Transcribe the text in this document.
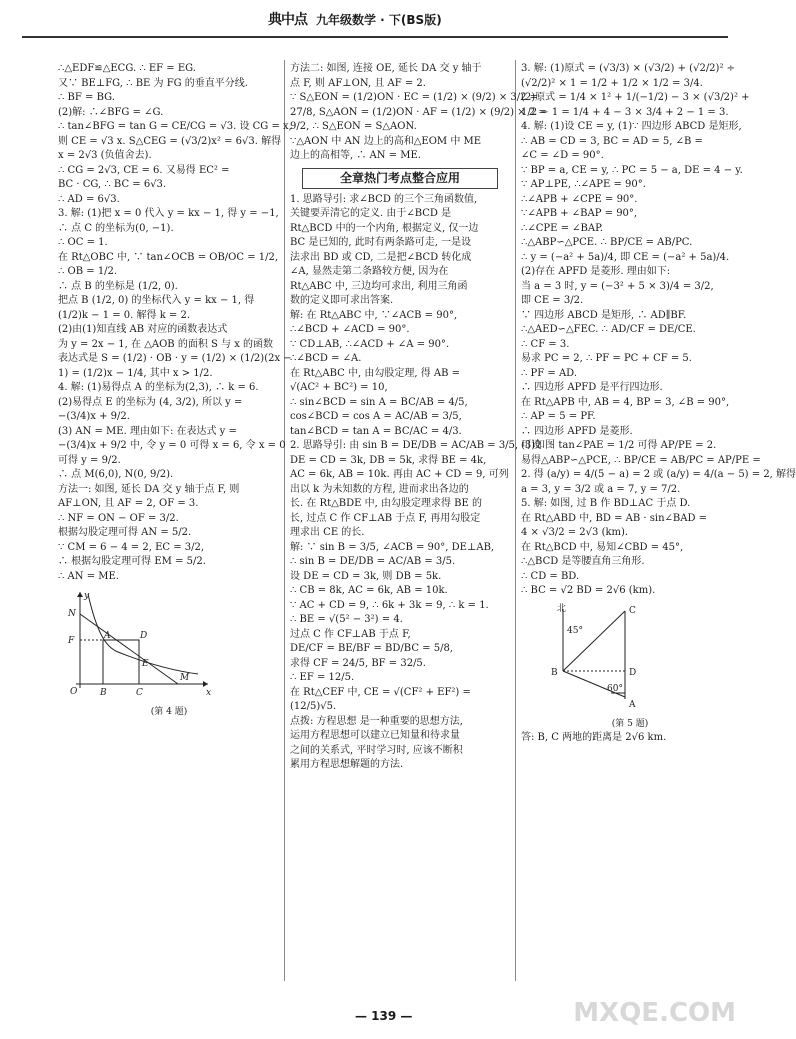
典中点 九年级数学 · 下(BS版)
∴△EDF≌△ECG. ∴ EF = EG.
又∵ BE⊥FG, ∴ BE 为 FG 的垂直平分线.
∴ BF = BG.
(2)解: ∴∠BFG = ∠G.
∴ tan∠BFG = tan G = CE/CG = √3. 设 CG = x,
则 CE = √3 x. S△CEG = (√3/2)x² = 6√3. 解得
x = 2√3 (负值舍去).
∴ CG = 2√3, CE = 6. 又易得 EC² =
BC · CG, ∴ BC = 6√3.
∴ AD = 6√3.
3. 解: (1)把 x = 0 代入 y = kx − 1, 得 y = −1,
∴ 点 C 的坐标为(0, −1).
∴ OC = 1.
在 Rt△OBC 中, ∵ tan∠OCB = OB/OC = 1/2,
∴ OB = 1/2.
∴ 点 B 的坐标是 (1/2, 0).
把点 B (1/2, 0) 的坐标代入 y = kx − 1, 得
(1/2)k − 1 = 0. 解得 k = 2.
(2)由(1)知直线 AB 对应的函数表达式
为 y = 2x − 1, 在 △AOB 的面积 S 与 x 的函数
表达式是 S = (1/2) · OB · y = (1/2) × (1/2)(2x −
1) = (1/2)x − 1/4, 其中 x > 1/2.
4. 解: (1)易得点 A 的坐标为(2,3), ∴ k = 6.
(2)易得点 E 的坐标为 (4, 3/2), 所以 y =
−(3/4)x + 9/2.
(3) AN = ME. 理由如下: 在表达式 y =
−(3/4)x + 9/2 中, 令 y = 0 可得 x = 6, 令 x = 0
可得 y = 9/2.
∴ 点 M(6,0), N(0, 9/2).
方法一: 如图, 延长 DA 交 y 轴于点 F, 则
AF⊥ON, 且 AF = 2, OF = 3.
∴ NF = ON − OF = 3/2.
根据勾股定理可得 AN = 5/2.
∵ CM = 6 − 4 = 2, EC = 3/2,
∴ 根据勾股定理可得 EM = 5/2.
∴ AN = ME.
y
N
F	A	D
E
O	B	C
M
x
(第 4 题)
方法二: 如图, 连接 OE, 延长 DA 交 y 轴于
点 F, 则 AF⊥ON, 且 AF = 2.
∵ S△EON = (1/2)ON · EC = (1/2) × (9/2) × 3/2 =
27/8, S△AON = (1/2)ON · AF = (1/2) × (9/2) × 2 =
9/2, ∴ S△EON = S△AON.
∵△AON 中 AN 边上的高和△EOM 中 ME
边上的高相等, ∴ AN = ME.
全章热门考点整合应用
1. 思路导引: 求∠BCD 的三个三角函数值,
关键要弄清它的定义. 由于∠BCD 是
Rt△BCD 中的一个内角, 根据定义, 仅一边
BC 是已知的, 此时有两条路可走, 一是设
法求出 BD 或 CD, 二是把∠BCD 转化成
∠A, 显然走第二条路较方便, 因为在
Rt△ABC 中, 三边均可求出, 利用三角函
数的定义即可求出答案.
解: 在 Rt△ABC 中, ∵∠ACB = 90°,
∴∠BCD + ∠ACD = 90°.
∵ CD⊥AB, ∴∠ACD + ∠A = 90°.
∴∠BCD = ∠A.
在 Rt△ABC 中, 由勾股定理, 得 AB =
√(AC² + BC²) = 10,
∴ sin∠BCD = sin A = BC/AB = 4/5,
cos∠BCD = cos A = AC/AB = 3/5,
tan∠BCD = tan A = BC/AC = 4/3.
2. 思路导引: 由 sin B = DE/DB = AC/AB = 3/5, 可设
DE = CD = 3k, DB = 5k, 求得 BE = 4k,
AC = 6k, AB = 10k. 再由 AC + CD = 9, 可列
出以 k 为未知数的方程, 进而求出各边的
长. 在 Rt△BDE 中, 由勾股定理求得 BE 的
长, 过点 C 作 CF⊥AB 于点 F, 再用勾股定
理求出 CE 的长.
解: ∵ sin B = 3/5, ∠ACB = 90°, DE⊥AB,
∴ sin B = DE/DB = AC/AB = 3/5.
设 DE = CD = 3k, 则 DB = 5k.
∴ CB = 8k, AC = 6k, AB = 10k.
∵ AC + CD = 9, ∴ 6k + 3k = 9, ∴ k = 1.
∴ BE = √(5² − 3²) = 4.
过点 C 作 CF⊥AB 于点 F,
DE/CF = BE/BF = BD/BC = 5/8,
求得 CF = 24/5, BF = 32/5.
∴ EF = 12/5.
在 Rt△CEF 中, CE = √(CF² + EF²) =
(12/5)√5.
点拨: 方程思想 是一种重要的思想方法,
运用方程思想可以建立已知量和待求量
之间的关系式, 平时学习时, 应该不断积
累用方程思想解题的方法.
3. 解: (1)原式 = (√3/3) × (√3/2) + (√2/2)² ÷
(√2/2)² × 1 = 1/2 + 1/2 × 1/2 = 3/4.
(2)原式 = 1/4 × 1² + 1/(−1/2) − 3 × (√3/2)² +
1/2 − 1 = 1/4 + 4 − 3 × 3/4 + 2 − 1 = 3.
4. 解: (1)设 CE = y, (1)∵ 四边形 ABCD 是矩形,
∴ AB = CD = 3, BC = AD = 5, ∠B =
∠C = ∠D = 90°.
∵ BP = a, CE = y, ∴ PC = 5 − a, DE = 4 − y.
∵ AP⊥PE, ∴∠APE = 90°.
∴∠APB + ∠CPE = 90°.
∵∠APB + ∠BAP = 90°,
∴∠CPE = ∠BAP.
∴△ABP∽△PCE. ∴ BP/CE = AB/PC.
∴ y = (−a² + 5a)/4, 即 CE = (−a² + 5a)/4.
(2)存在 APFD 是菱形. 理由如下:
当 a = 3 时, y = (−3² + 5 × 3)/4 = 3/2,
即 CE = 3/2.
∵ 四边形 ABCD 是矩形, ∴ AD∥BF.
∴△AED∽△FEC. ∴ AD/CF = DE/CE.
∴ CF = 3.
易求 PC = 2, ∴ PF = PC + CF = 5.
∴ PF = AD.
∴ 四边形 APFD 是平行四边形.
在 Rt△APB 中, AB = 4, BP = 3, ∠B = 90°,
∴ AP = 5 = PF.
∴ 四边形 APFD 是菱形.
(3)如图 tan∠PAE = 1/2 可得 AP/PE = 2.
易得△ABP∽△PCE, ∴ BP/CE = AB/PC = AP/PE =
2. 得 (a/y) = 4/(5 − a) = 2 或 (a/y) = 4/(a − 5) = 2, 解得
a = 3, y = 3/2 或 a = 7, y = 7/2.
5. 解: 如图, 过 B 作 BD⊥AC 于点 D.
在 Rt△ABD 中, BD = AB · sin∠BAD =
4 × √3/2 = 2√3 (km).
在 Rt△BCD 中, 易知∠CBD = 45°,
∴△BCD 是等腰直角三角形.
∴ CD = BD.
∴ BC = √2 BD = 2√6 (km).
北	C
45°
B	D
60°
A
(第 5 题)
答: B, C 两地的距离是 2√6 km.
— 139 —	MXQE.COM
